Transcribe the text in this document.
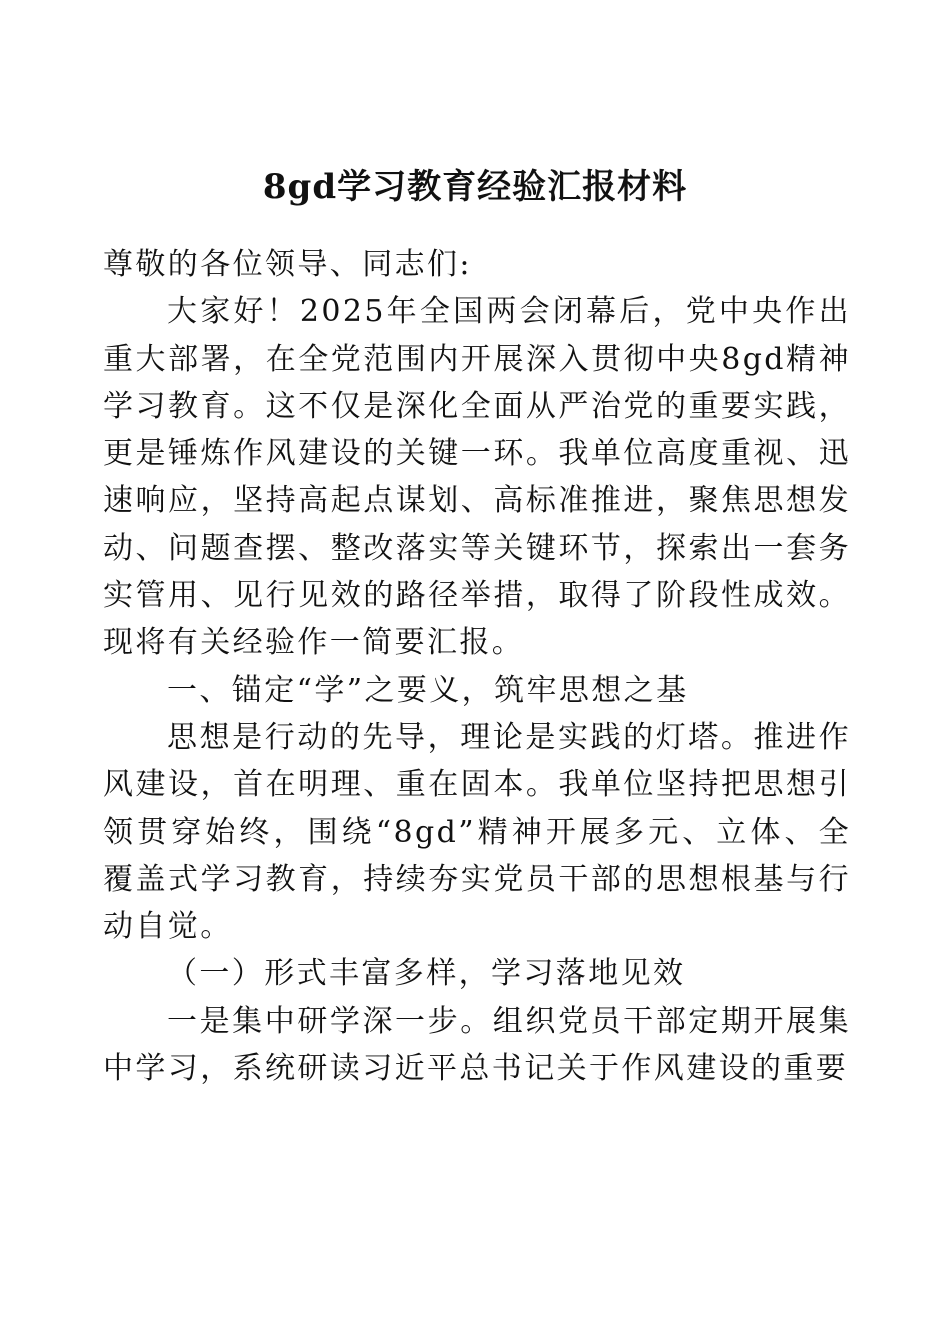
8gd学习教育经验汇报材料

尊敬的各位领导、同志们:

大家好！2025年全国两会闭幕后，党中央作出重大部署，在全党范围内开展深入贯彻中央8gd精神学习教育。这不仅是深化全面从严治党的重要实践，更是锤炼作风建设的关键一环。我单位高度重视、迅速响应，坚持高起点谋划、高标准推进，聚焦思想发动、问题查摆、整改落实等关键环节，探索出一套务实管用、见行见效的路径举措，取得了阶段性成效。现将有关经验作一简要汇报。

一、锚定“学”之要义，筑牢思想之基

思想是行动的先导，理论是实践的灯塔。推进作风建设，首在明理、重在固本。我单位坚持把思想引领贯穿始终，围绕“8gd”精神开展多元、立体、全覆盖式学习教育，持续夯实党员干部的思想根基与行动自觉。

（一）形式丰富多样，学习落地见效

一是集中研学深一步。组织党员干部定期开展集中学习，系统研读习近平总书记关于作风建设的重要
